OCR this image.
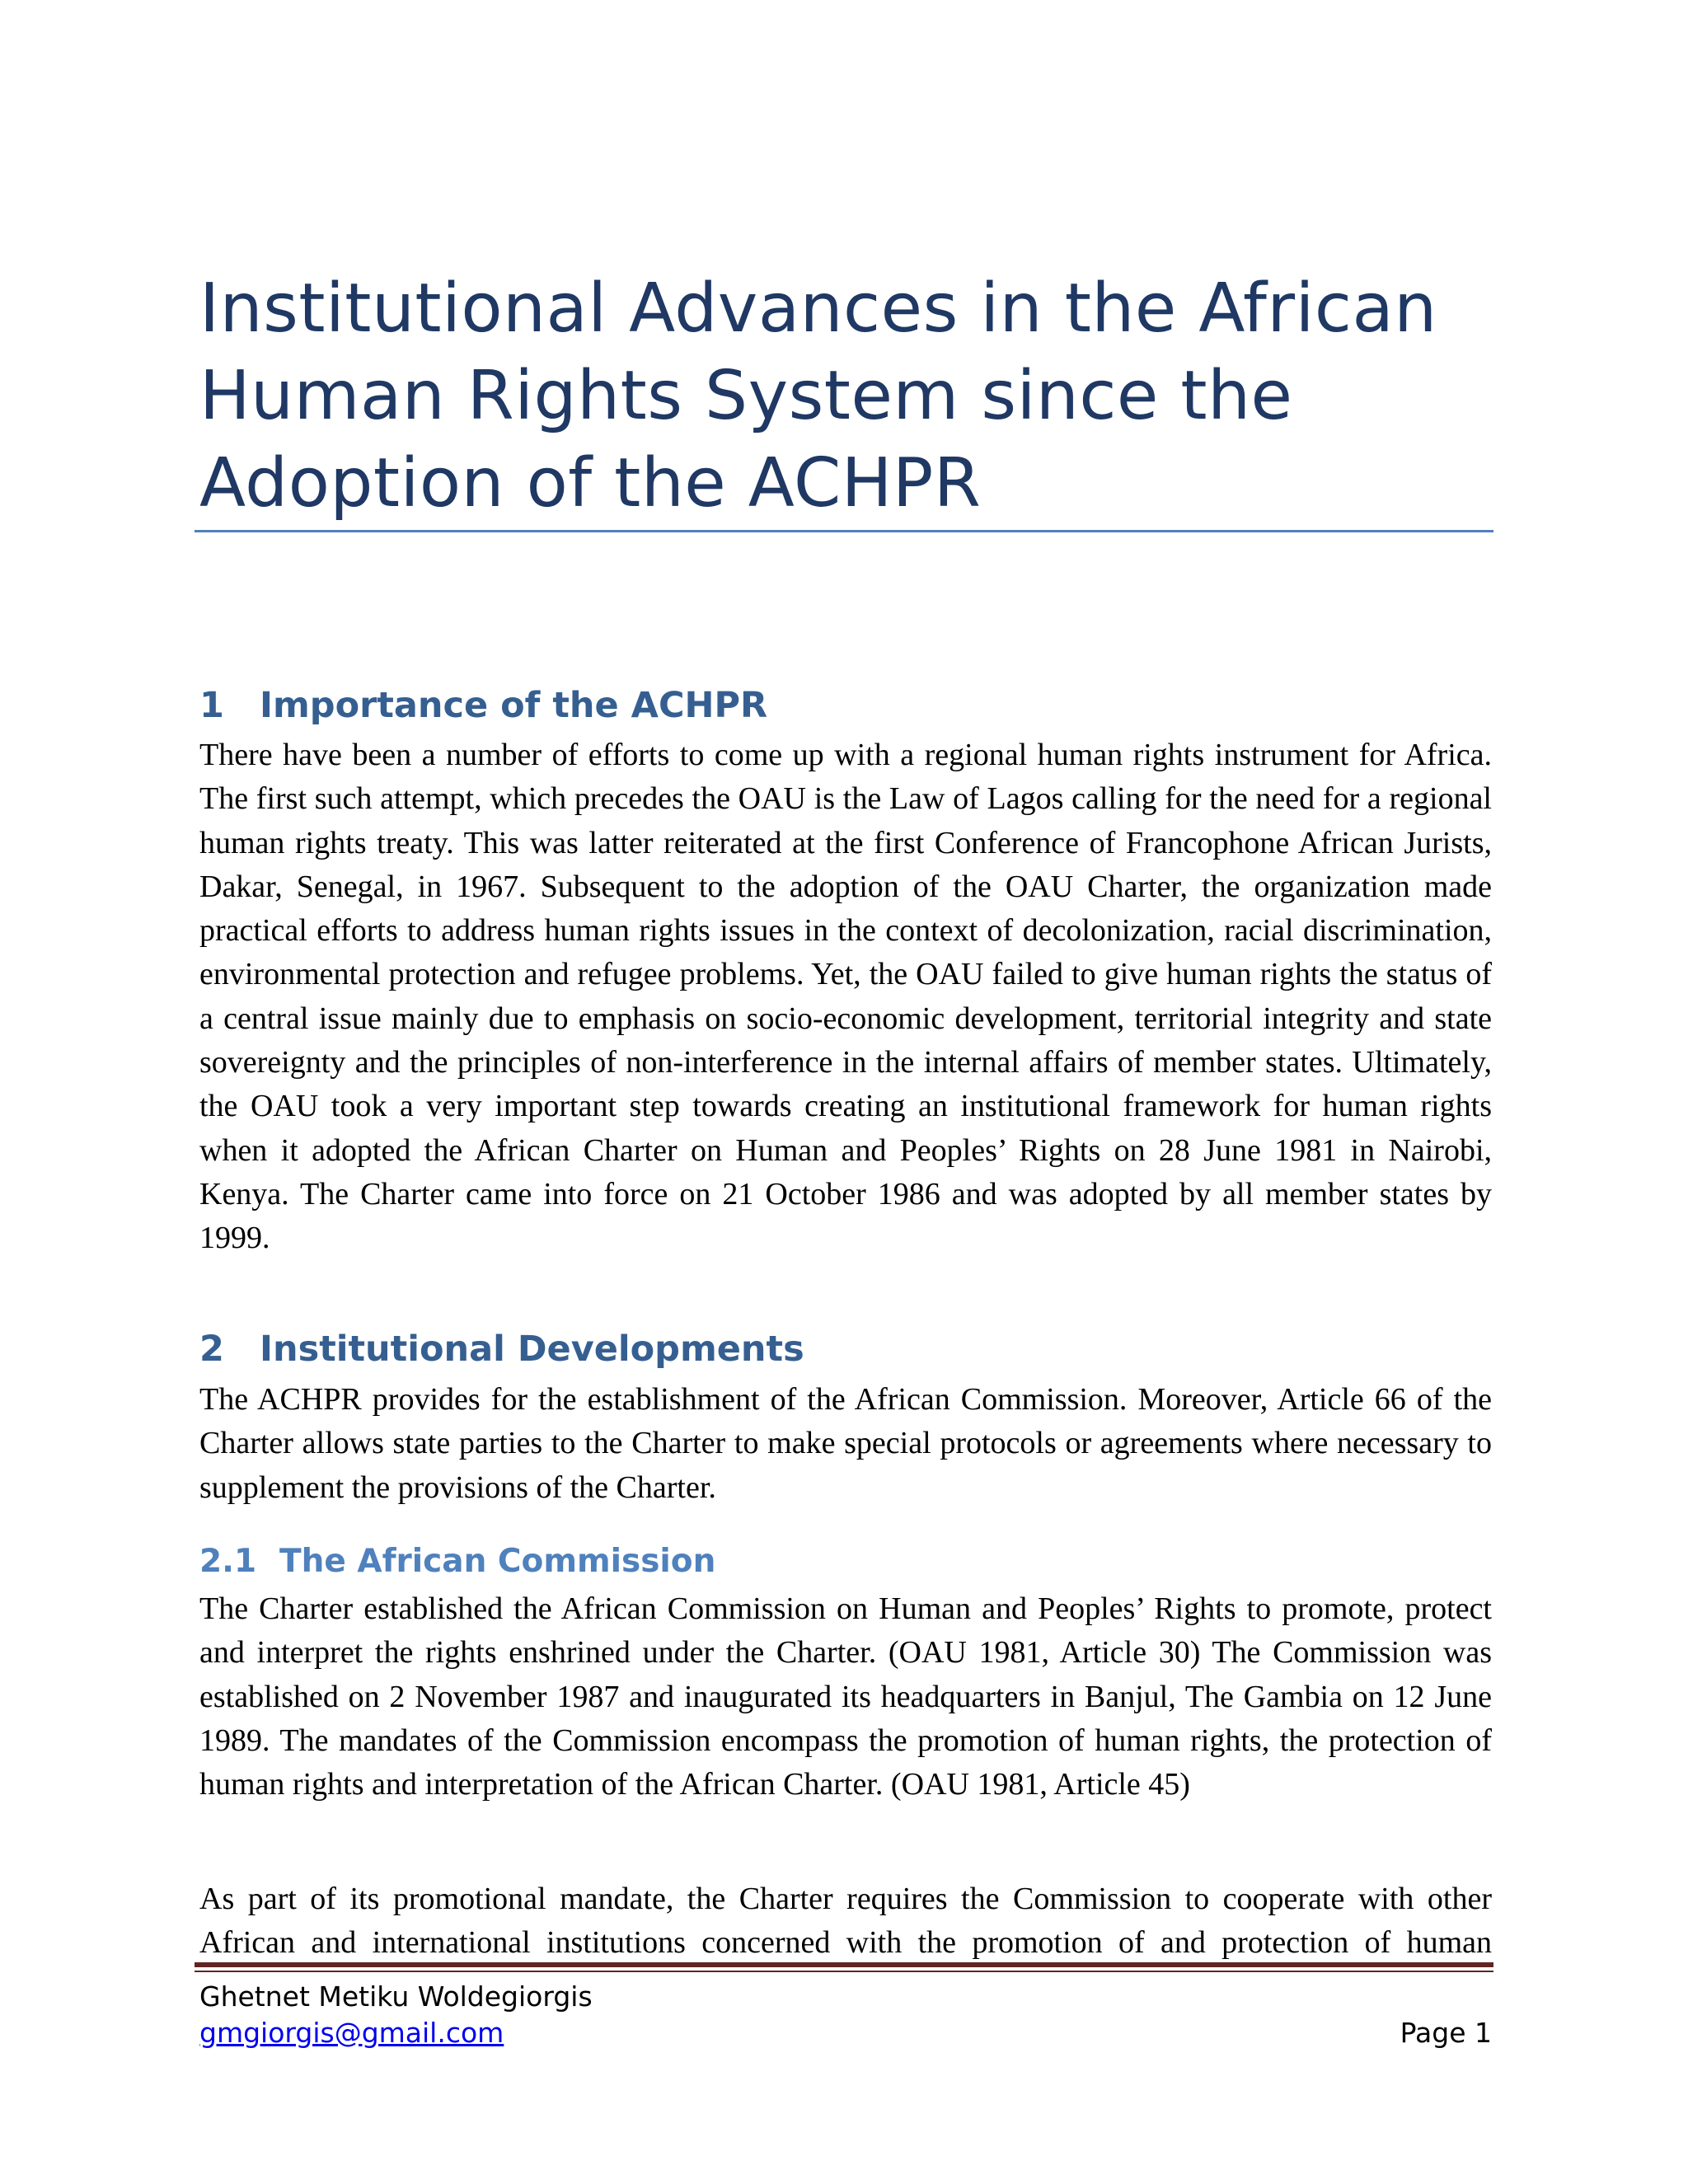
Institutional Advances in the African Human Rights System since the Adoption of the ACHPR
1 Importance of the ACHPR

There have been a number of efforts to come up with a regional human rights instrument for Africa. The first such attempt, which precedes the OAU is the Law of Lagos calling for the need for a regional human rights treaty. This was latter reiterated at the first Conference of Francophone African Jurists, Dakar, Senegal, in 1967. Subsequent to the adoption of the OAU Charter, the organization made practical efforts to address human rights issues in the context of decolonization, racial discrimination, environmental protection and refugee problems. Yet, the OAU failed to give human rights the status of a central issue mainly due to emphasis on socio-economic development, territorial integrity and state sovereignty and the principles of non-interference in the internal affairs of member states. Ultimately, the OAU took a very important step towards creating an institutional framework for human rights when it adopted the African Charter on Human and Peoples’ Rights on 28 June 1981 in Nairobi, Kenya. The Charter came into force on 21 October 1986 and was adopted by all member states by 1999.

2 Institutional Developments

The ACHPR provides for the establishment of the African Commission. Moreover, Article 66 of the Charter allows state parties to the Charter to make special protocols or agreements where necessary to supplement the provisions of the Charter.

2.1 The African Commission

The Charter established the African Commission on Human and Peoples’ Rights to promote, protect and interpret the rights enshrined under the Charter. (OAU 1981, Article 30) The Commission was established on 2 November 1987 and inaugurated its headquarters in Banjul, The Gambia on 12 June 1989. The mandates of the Commission encompass the promotion of human rights, the protection of human rights and interpretation of the African Charter. (OAU 1981, Article 45)

As part of its promotional mandate, the Charter requires the Commission to cooperate with other African and international institutions concerned with the promotion of and protection of human

Ghetnet Metiku Woldegiorgis
gmgiorgis@gmail.com	Page 1
